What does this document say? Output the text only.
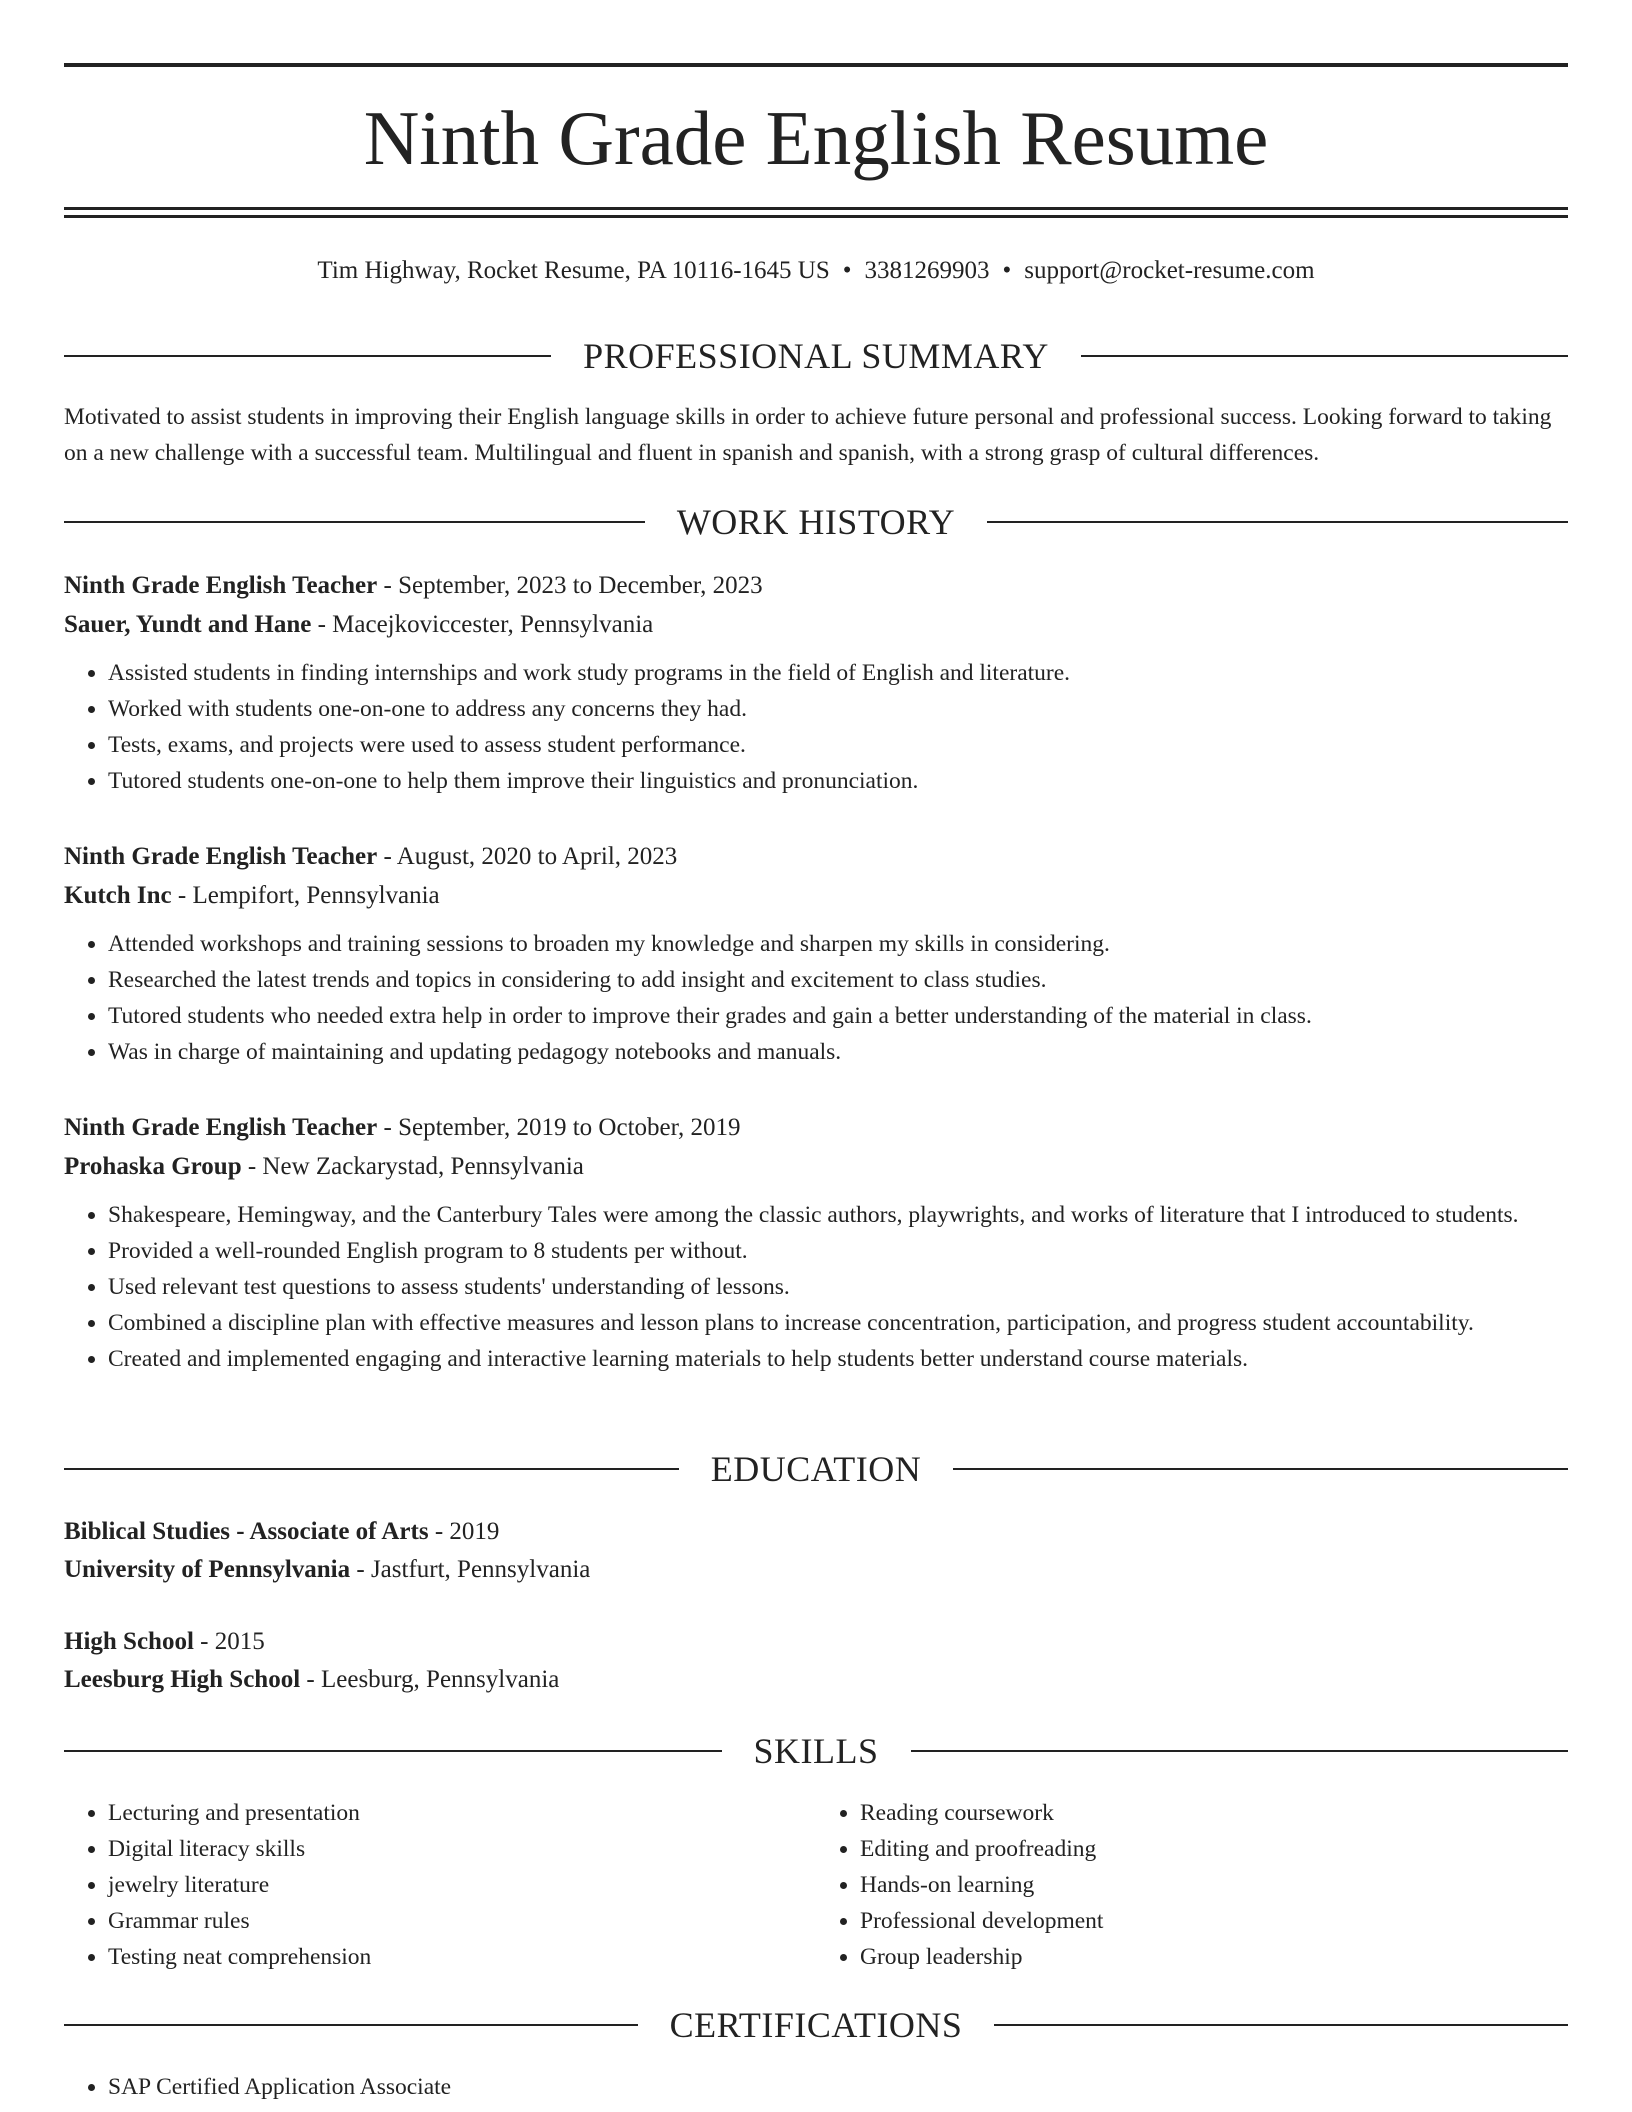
Ninth Grade English Resume
Tim Highway, Rocket Resume, PA 10116-1645 US • 3381269903 • support@rocket-resume.com
PROFESSIONAL SUMMARY
Motivated to assist students in improving their English language skills in order to achieve future personal and professional success. Looking forward to taking on a new challenge with a successful team. Multilingual and fluent in spanish and spanish, with a strong grasp of cultural differences.
WORK HISTORY
Ninth Grade English Teacher - September, 2023 to December, 2023
Sauer, Yundt and Hane - Macejkoviccester, Pennsylvania
• Assisted students in finding internships and work study programs in the field of English and literature.
• Worked with students one-on-one to address any concerns they had.
• Tests, exams, and projects were used to assess student performance.
• Tutored students one-on-one to help them improve their linguistics and pronunciation.
Ninth Grade English Teacher - August, 2020 to April, 2023
Kutch Inc - Lempifort, Pennsylvania
• Attended workshops and training sessions to broaden my knowledge and sharpen my skills in considering.
• Researched the latest trends and topics in considering to add insight and excitement to class studies.
• Tutored students who needed extra help in order to improve their grades and gain a better understanding of the material in class.
• Was in charge of maintaining and updating pedagogy notebooks and manuals.
Ninth Grade English Teacher - September, 2019 to October, 2019
Prohaska Group - New Zackarystad, Pennsylvania
• Shakespeare, Hemingway, and the Canterbury Tales were among the classic authors, playwrights, and works of literature that I introduced to students.
• Provided a well-rounded English program to 8 students per without.
• Used relevant test questions to assess students' understanding of lessons.
• Combined a discipline plan with effective measures and lesson plans to increase concentration, participation, and progress student accountability.
• Created and implemented engaging and interactive learning materials to help students better understand course materials.
EDUCATION
Biblical Studies - Associate of Arts - 2019
University of Pennsylvania - Jastfurt, Pennsylvania
High School - 2015
Leesburg High School - Leesburg, Pennsylvania
SKILLS
• Lecturing and presentation
• Digital literacy skills
• jewelry literature
• Grammar rules
• Testing neat comprehension
• Reading coursework
• Editing and proofreading
• Hands-on learning
• Professional development
• Group leadership
CERTIFICATIONS
• SAP Certified Application Associate
